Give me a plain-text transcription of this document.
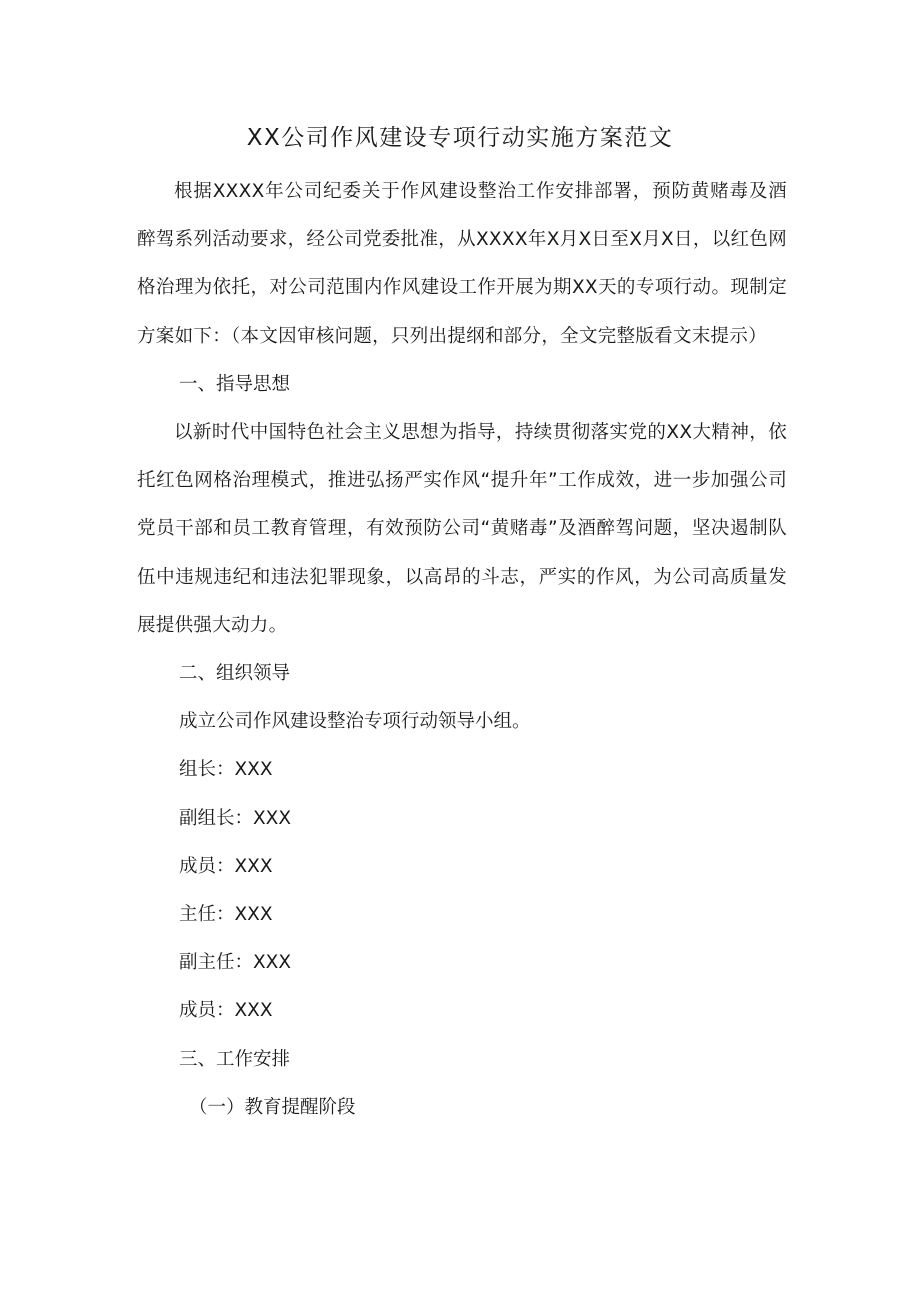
XX公司作风建设专项行动实施方案范文

根据XXXX年公司纪委关于作风建设整治工作安排部署，预防黄赌毒及酒醉驾系列活动要求，经公司党委批准，从XXXX年X月X日至X月X日，以红色网格治理为依托，对公司范围内作风建设工作开展为期XX天的专项行动。现制定方案如下：（本文因审核问题，只列出提纲和部分，全文完整版看文末提示）

一、指导思想

以新时代中国特色社会主义思想为指导，持续贯彻落实党的XX大精神，依托红色网格治理模式，推进弘扬严实作风“提升年”工作成效，进一步加强公司党员干部和员工教育管理，有效预防公司“黄赌毒”及酒醉驾问题，坚决遏制队伍中违规违纪和违法犯罪现象，以高昂的斗志，严实的作风，为公司高质量发展提供强大动力。

二、组织领导

成立公司作风建设整治专项行动领导小组。

组长：XXX

副组长：XXX

成员：XXX

主任：XXX

副主任：XXX

成员：XXX

三、工作安排

（一）教育提醒阶段
